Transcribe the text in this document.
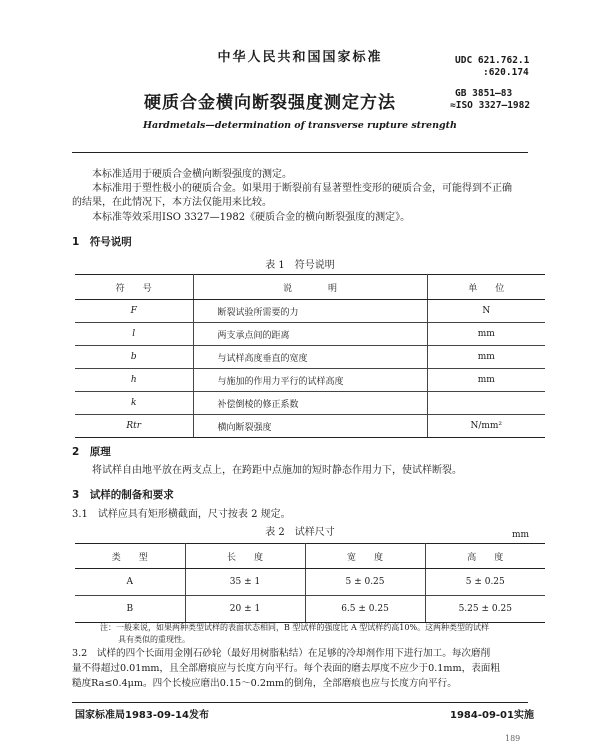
中华人民共和国国家标准	UDC 621.762.1
:620.174
硬质合金横向断裂强度测定方法	GB 3851—83
≈ISO 3327—1982
Hardmetals—determination of transverse rupture strength
本标准适用于硬质合金横向断裂强度的测定。
本标准用于塑性极小的硬质合金。如果用于断裂前有显著塑性变形的硬质合金，可能得到不正确
的结果，在此情况下，本方法仅能用来比较。
本标准等效采用ISO 3327—1982《硬质合金的横向断裂强度的测定》。
1　符号说明
表 1　符号说明
符　　号	说　　　　明	单　　位
F	断裂试验所需要的力	N
l	两支承点间的距离	mm
b	与试样高度垂直的宽度	mm
h	与施加的作用力平行的试样高度	mm
k	补偿倒棱的修正系数	
Rtr	横向断裂强度	N/mm²
2　原理
将试样自由地平放在两支点上，在跨距中点施加的短时静态作用力下，使试样断裂。
3　试样的制备和要求
3.1　试样应具有矩形横截面，尺寸按表 2 规定。
表 2　试样尺寸	mm
类　　型	长　　度	宽　　度	高　　度
A	35 ± 1	5 ± 0.25	5 ± 0.25
B	20 ± 1	6.5 ± 0.25	5.25 ± 0.25
注：一般来说，如果两种类型试样的表面状态相同，B 型试样的强度比 A 型试样约高10%。这两种类型的试样
具有类似的重现性。
3.2　试样的四个长面用金刚石砂轮（最好用树脂粘结）在足够的冷却剂作用下进行加工。每次磨削
量不得超过0.01mm，且全部磨痕应与长度方向平行。每个表面的磨去厚度不应少于0.1mm，表面粗
糙度Ra≤0.4μm。四个长棱应磨出0.15～0.2mm的倒角，全部磨痕也应与长度方向平行。
国家标准局1983-09-14发布	1984-09-01实施
189
